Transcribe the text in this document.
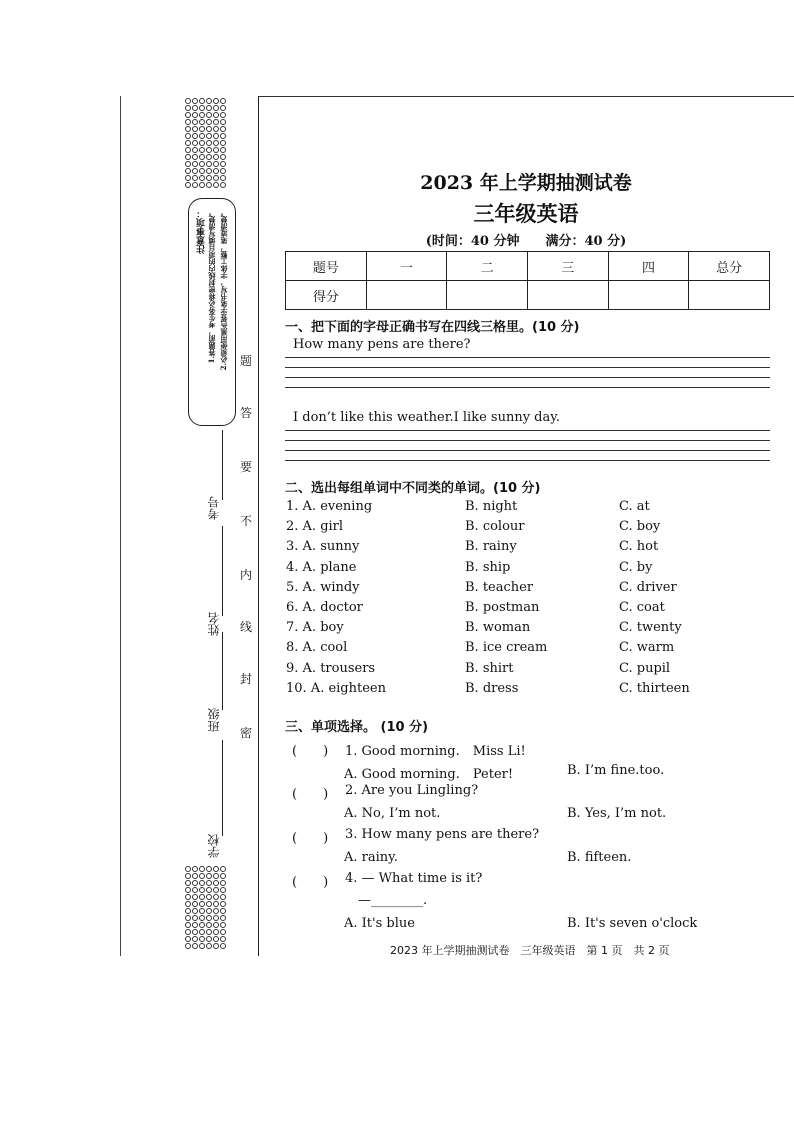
注意事项： 1.答题前，考生务必将密封线内的项目填写清楚。 2.必须使用黑色签字笔书写，字体工整，笔迹清楚。 题
答
要
不
内
线
封
密
学校
班级
姓名
考号
2023 年上学期抽测试卷
三年级英语
(时间：40 分钟　　满分：40 分)
题号	一	二	三	四	总分
得分					
一、把下面的字母正确书写在四线三格里。(10 分)
How many pens are there?
I don’t like this weather.I like sunny day.
二、选出每组单词中不同类的单词。(10 分)
1. A. evening	B. night	C. at
2. A. girl	B. colour	C. boy
3. A. sunny	B. rainy	C. hot
4. A. plane	B. ship	C. by
5. A. windy	B. teacher	C. driver
6. A. doctor	B. postman	C. coat
7. A. boy	B. woman	C. twenty
8. A. cool	B. ice cream	C. warm
9. A. trousers	B. shirt	C. pupil
10. A. eighteen	B. dress	C. thirteen
三、单项选择。 (10 分)
(　　) 1. Good morning.　Miss Li!
A. Good morning.　Peter!	B. I’m fine.too.
(　　) 2. Are you Lingling?
A. No, I’m not.	B. Yes, I’m not.
(　　) 3. How many pens are there?
A. rainy.	B. fifteen.
(　　) 4. — What time is it?
—________.
A. It's blue	B. It's seven o'clock
2023 年上学期抽测试卷　三年级英语　第 1 页　共 2 页
